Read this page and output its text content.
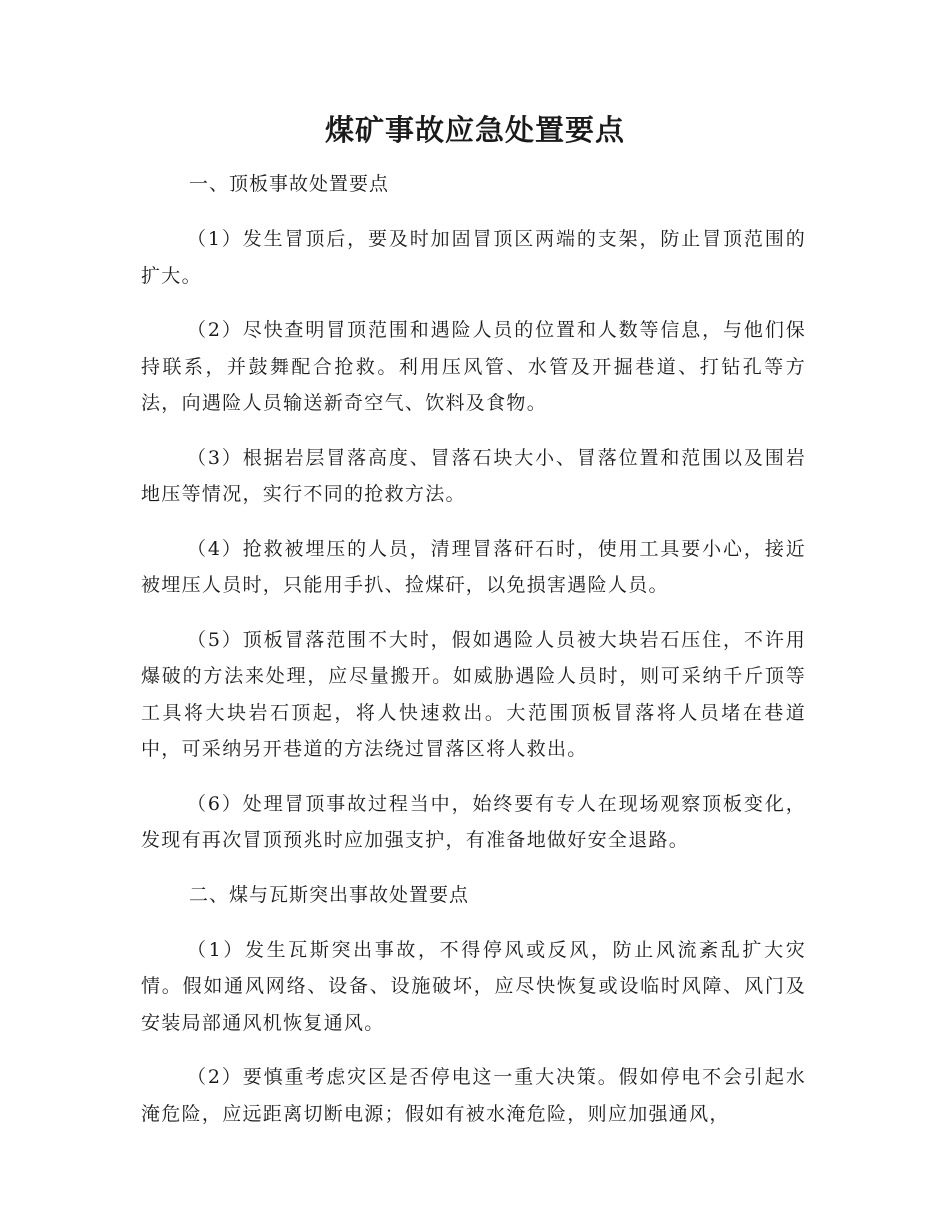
煤矿事故应急处置要点

一、顶板事故处置要点

（1）发生冒顶后，要及时加固冒顶区两端的支架，防止冒顶范围的扩大。

（2）尽快查明冒顶范围和遇险人员的位置和人数等信息，与他们保持联系，并鼓舞配合抢救。利用压风管、水管及开掘巷道、打钻孔等方法，向遇险人员输送新奇空气、饮料及食物。

（3）根据岩层冒落高度、冒落石块大小、冒落位置和范围以及围岩地压等情况，实行不同的抢救方法。

（4）抢救被埋压的人员，清理冒落矸石时，使用工具要小心，接近被埋压人员时，只能用手扒、捡煤矸，以免损害遇险人员。

（5）顶板冒落范围不大时，假如遇险人员被大块岩石压住，不许用爆破的方法来处理，应尽量搬开。如威胁遇险人员时，则可采纳千斤顶等工具将大块岩石顶起，将人快速救出。大范围顶板冒落将人员堵在巷道中，可采纳另开巷道的方法绕过冒落区将人救出。

（6）处理冒顶事故过程当中，始终要有专人在现场观察顶板变化，发现有再次冒顶预兆时应加强支护，有准备地做好安全退路。

二、煤与瓦斯突出事故处置要点

（1）发生瓦斯突出事故，不得停风或反风，防止风流紊乱扩大灾情。假如通风网络、设备、设施破坏，应尽快恢复或设临时风障、风门及安装局部通风机恢复通风。

（2）要慎重考虑灾区是否停电这一重大决策。假如停电不会引起水淹危险，应远距离切断电源；假如有被水淹危险，则应加强通风，
